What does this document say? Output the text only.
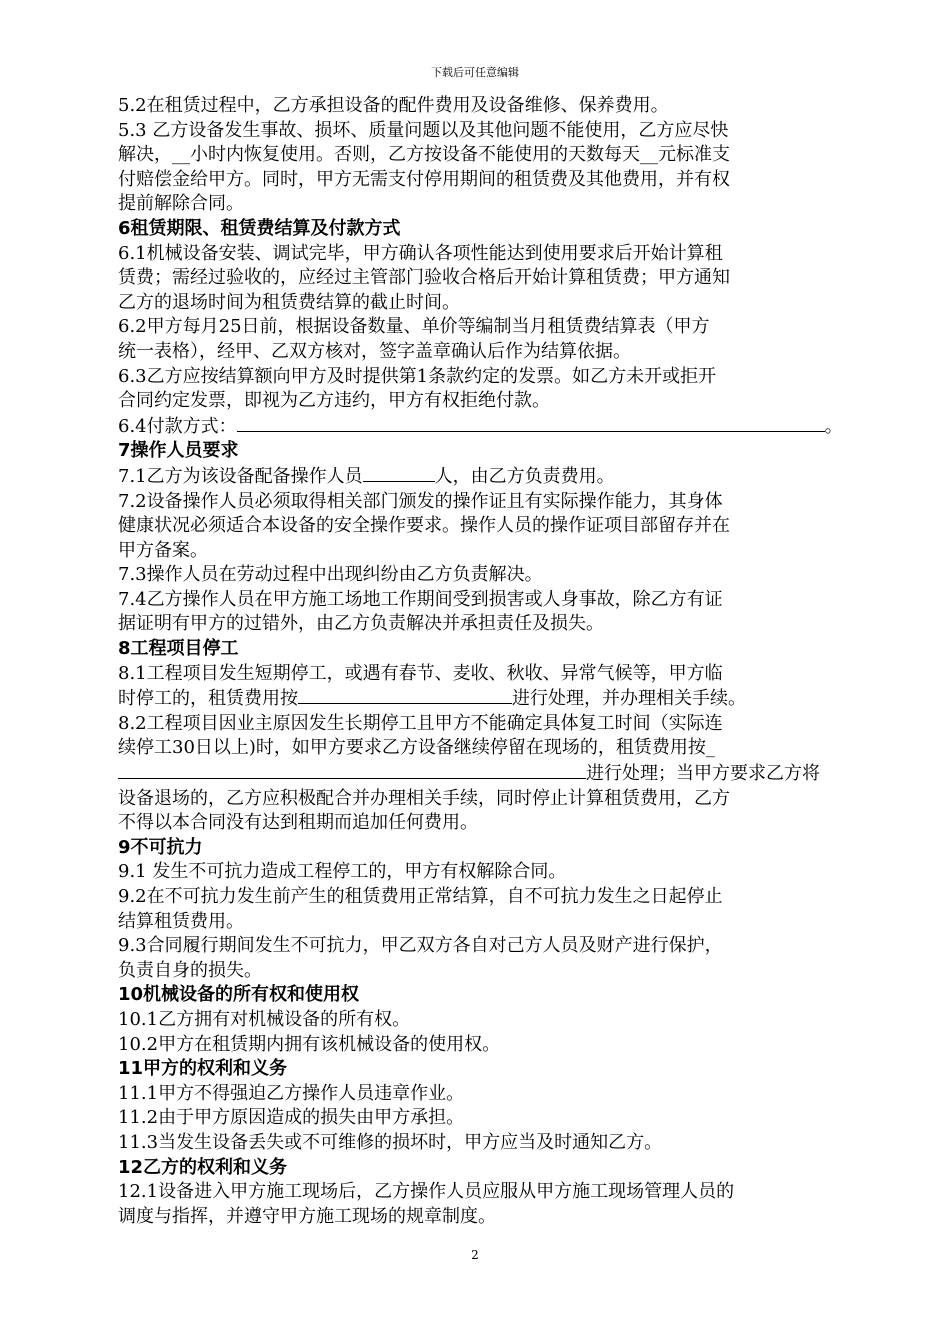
下载后可任意编辑

5.2在租赁过程中，乙方承担设备的配件费用及设备维修、保养费用。

5.3 乙方设备发生事故、损坏、质量问题以及其他问题不能使用，乙方应尽快

解决，__小时内恢复使用。否则，乙方按设备不能使用的天数每天__元标准支

付赔偿金给甲方。同时，甲方无需支付停用期间的租赁费及其他费用，并有权

提前解除合同。

6租赁期限、租赁费结算及付款方式

6.1机械设备安装、调试完毕，甲方确认各项性能达到使用要求后开始计算租

赁费；需经过验收的，应经过主管部门验收合格后开始计算租赁费；甲方通知

乙方的退场时间为租赁费结算的截止时间。

6.2甲方每月25日前，根据设备数量、单价等编制当月租赁费结算表（甲方

统一表格），经甲、乙双方核对，签字盖章确认后作为结算依据。

6.3乙方应按结算额向甲方及时提供第1条款约定的发票。如乙方未开或拒开

合同约定发票，即视为乙方违约，甲方有权拒绝付款。

6.4付款方式：	。

7操作人员要求

7.1乙方为该设备配备操作人员	人，由乙方负责费用。

7.2设备操作人员必须取得相关部门颁发的操作证且有实际操作能力，其身体

健康状况必须适合本设备的安全操作要求。操作人员的操作证项目部留存并在

甲方备案。

7.3操作人员在劳动过程中出现纠纷由乙方负责解决。

7.4乙方操作人员在甲方施工场地工作期间受到损害或人身事故，除乙方有证

据证明有甲方的过错外，由乙方负责解决并承担责任及损失。

8工程项目停工

8.1工程项目发生短期停工，或遇有春节、麦收、秋收、异常气候等，甲方临

时停工的，租赁费用按	进行处理，并办理相关手续。

8.2工程项目因业主原因发生长期停工且甲方不能确定具体复工时间（实际连

续停工30日以上)时，如甲方要求乙方设备继续停留在现场的，租赁费用按_

进行处理；当甲方要求乙方将

设备退场的，乙方应积极配合并办理相关手续，同时停止计算租赁费用，乙方

不得以本合同没有达到租期而追加任何费用。

9不可抗力

9.1 发生不可抗力造成工程停工的，甲方有权解除合同。

9.2在不可抗力发生前产生的租赁费用正常结算，自不可抗力发生之日起停止

结算租赁费用。

9.3合同履行期间发生不可抗力，甲乙双方各自对己方人员及财产进行保护，

负责自身的损失。

10机械设备的所有权和使用权

10.1乙方拥有对机械设备的所有权。

10.2甲方在租赁期内拥有该机械设备的使用权。

11甲方的权利和义务

11.1甲方不得强迫乙方操作人员违章作业。

11.2由于甲方原因造成的损失由甲方承担。

11.3当发生设备丢失或不可维修的损坏时，甲方应当及时通知乙方。

12乙方的权利和义务

12.1设备进入甲方施工现场后，乙方操作人员应服从甲方施工现场管理人员的

调度与指挥，并遵守甲方施工现场的规章制度。

2
